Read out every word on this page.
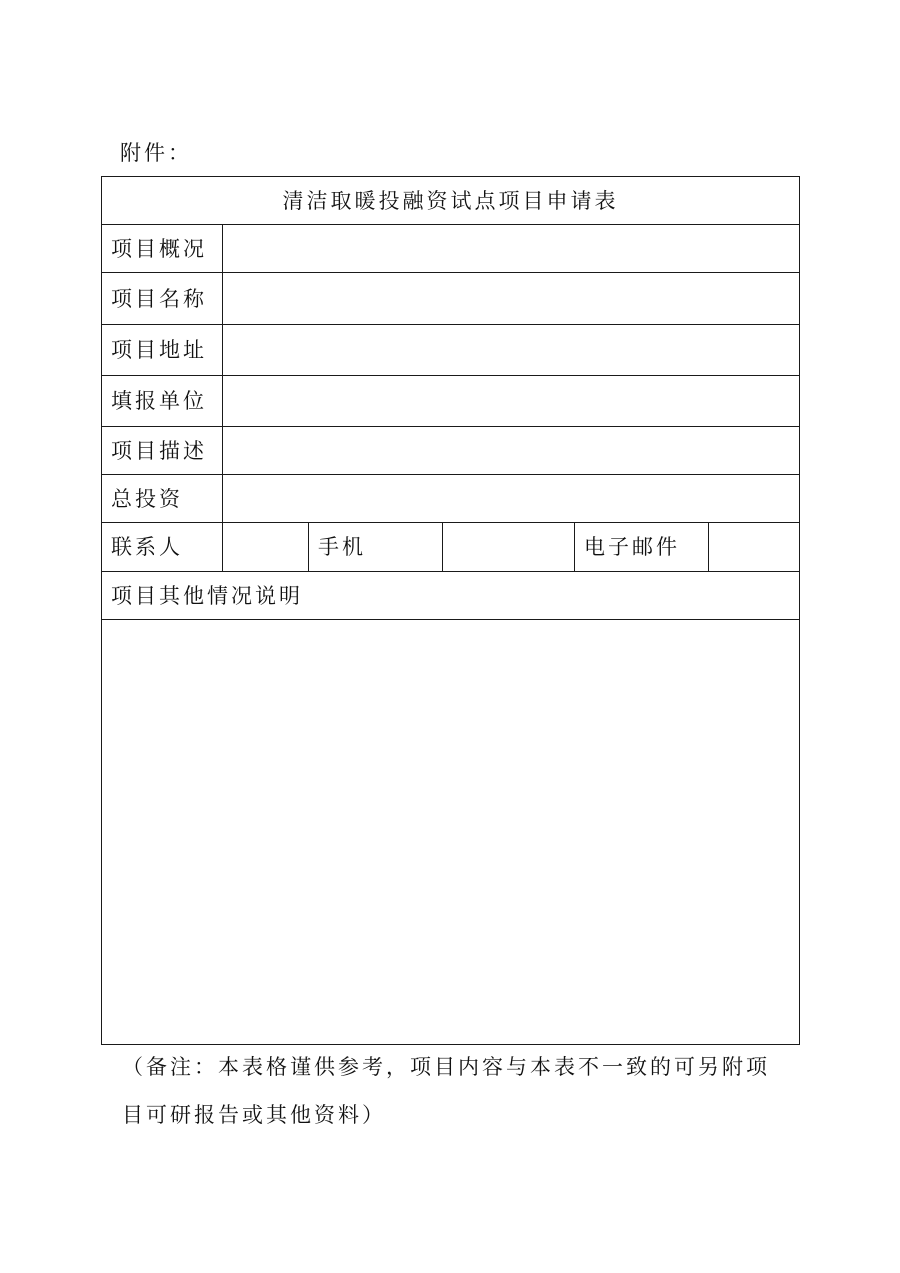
附件：
清洁取暖投融资试点项目申请表					
项目概况					
项目名称					
项目地址					
填报单位					
项目描述					
总投资					
联系人		手机		电子邮件	
项目其他情况说明					

（备注：本表格谨供参考，项目内容与本表不一致的可另附项
目可研报告或其他资料）
